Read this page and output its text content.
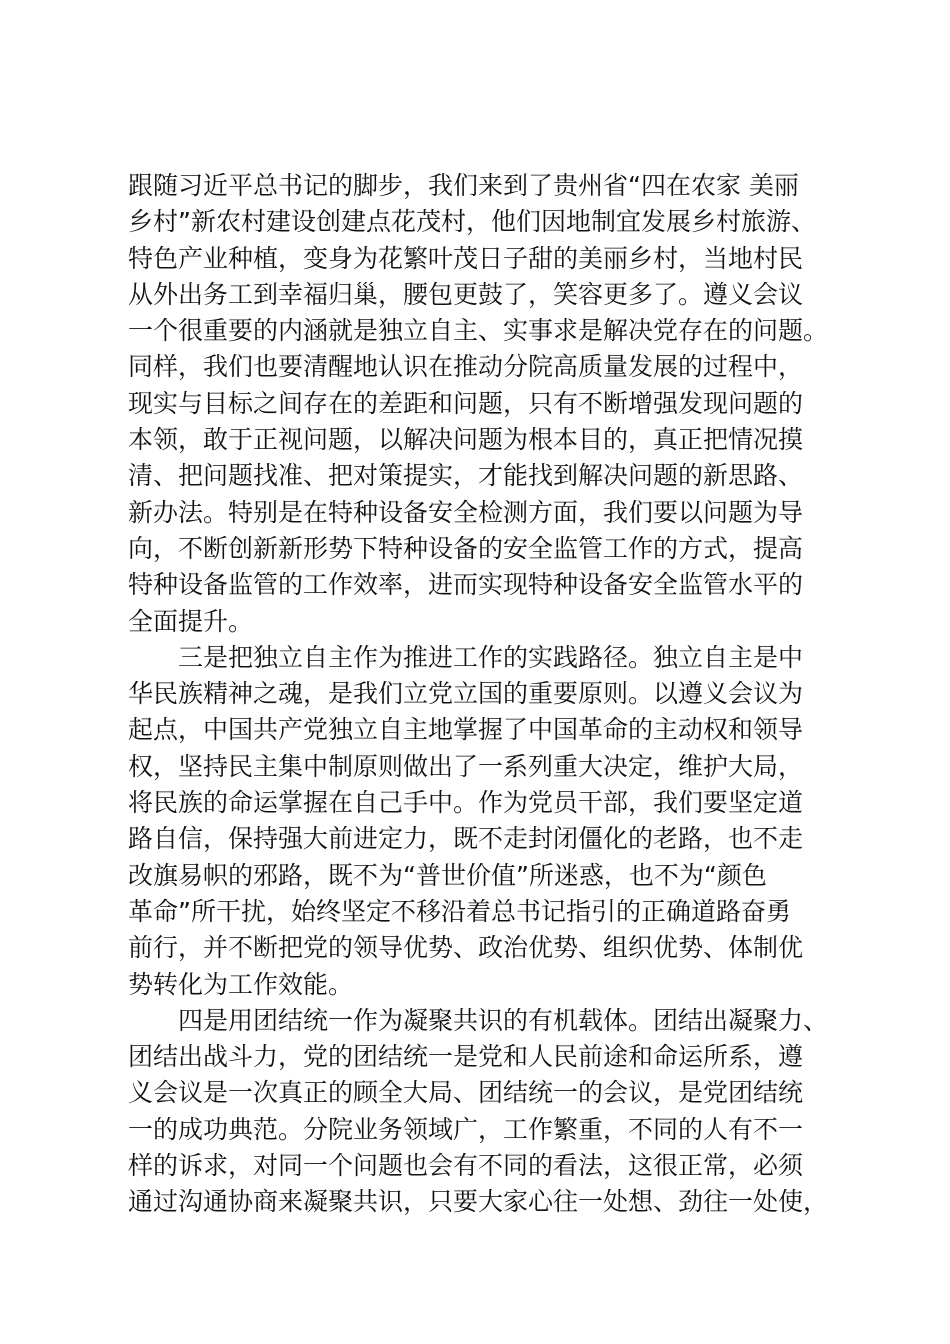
跟随习近平总书记的脚步，我们来到了贵州省“四在农家 美丽
乡村”新农村建设创建点花茂村，他们因地制宜发展乡村旅游、
特色产业种植，变身为花繁叶茂日子甜的美丽乡村，当地村民
从外出务工到幸福归巢，腰包更鼓了，笑容更多了。遵义会议
一个很重要的内涵就是独立自主、实事求是解决党存在的问题。
同样，我们也要清醒地认识在推动分院高质量发展的过程中，
现实与目标之间存在的差距和问题，只有不断增强发现问题的
本领，敢于正视问题，以解决问题为根本目的，真正把情况摸
清、把问题找准、把对策提实，才能找到解决问题的新思路、
新办法。特别是在特种设备安全检测方面，我们要以问题为导
向，不断创新新形势下特种设备的安全监管工作的方式，提高
特种设备监管的工作效率，进而实现特种设备安全监管水平的
全面提升。
三是把独立自主作为推进工作的实践路径。独立自主是中
华民族精神之魂，是我们立党立国的重要原则。以遵义会议为
起点，中国共产党独立自主地掌握了中国革命的主动权和领导
权，坚持民主集中制原则做出了一系列重大决定，维护大局，
将民族的命运掌握在自己手中。作为党员干部，我们要坚定道
路自信，保持强大前进定力，既不走封闭僵化的老路，也不走
改旗易帜的邪路，既不为“普世价值”所迷惑，也不为“颜色
革命”所干扰，始终坚定不移沿着总书记指引的正确道路奋勇
前行，并不断把党的领导优势、政治优势、组织优势、体制优
势转化为工作效能。
四是用团结统一作为凝聚共识的有机载体。团结出凝聚力、
团结出战斗力，党的团结统一是党和人民前途和命运所系，遵
义会议是一次真正的顾全大局、团结统一的会议，是党团结统
一的成功典范。分院业务领域广，工作繁重，不同的人有不一
样的诉求，对同一个问题也会有不同的看法，这很正常，必须
通过沟通协商来凝聚共识，只要大家心往一处想、劲往一处使，
